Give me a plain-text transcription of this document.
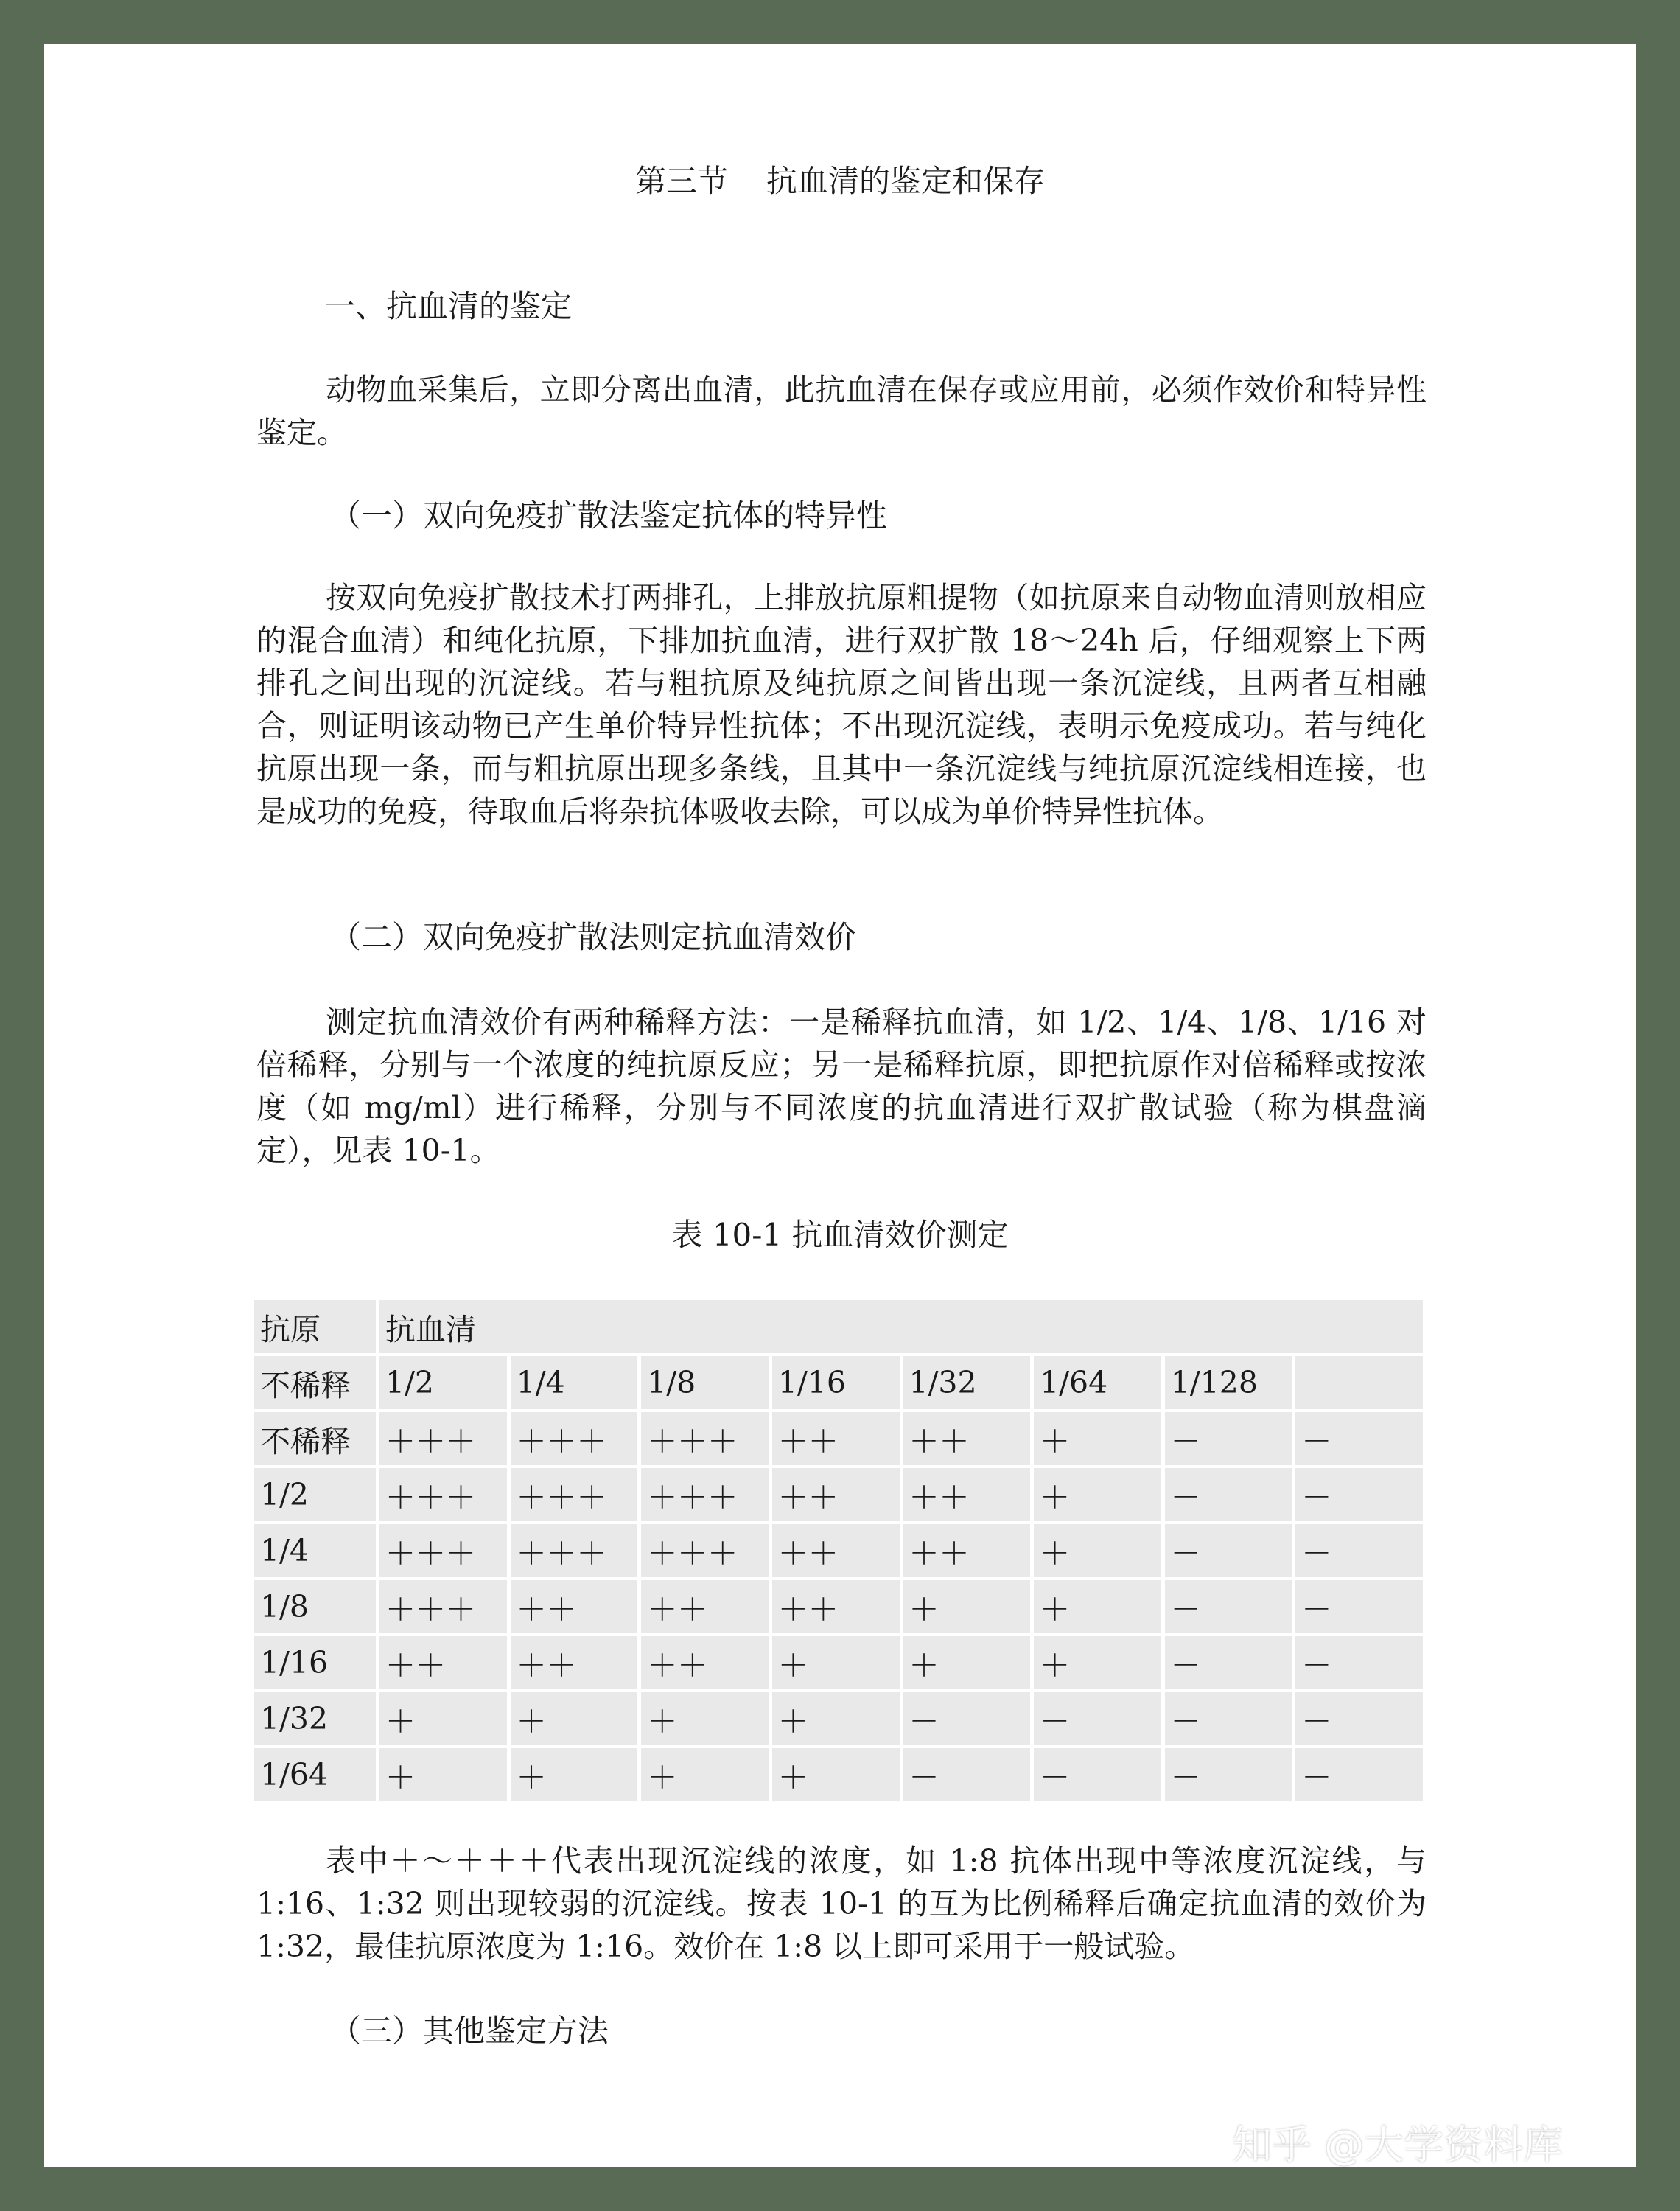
第三节 抗血清的鉴定和保存
一、抗血清的鉴定
动物血采集后，立即分离出血清，此抗血清在保存或应用前，必须作效价和特异性鉴定。
（一）双向免疫扩散法鉴定抗体的特异性
按双向免疫扩散技术打两排孔，上排放抗原粗提物（如抗原来自动物血清则放相应的混合血清）和纯化抗原，下排加抗血清，进行双扩散 18～24h 后，仔细观察上下两排孔之间出现的沉淀线。若与粗抗原及纯抗原之间皆出现一条沉淀线，且两者互相融合，则证明该动物已产生单价特异性抗体；不出现沉淀线，表明示免疫成功。若与纯化抗原出现一条，而与粗抗原出现多条线，且其中一条沉淀线与纯抗原沉淀线相连接，也是成功的免疫，待取血后将杂抗体吸收去除，可以成为单价特异性抗体。
（二）双向免疫扩散法则定抗血清效价
测定抗血清效价有两种稀释方法：一是稀释抗血清，如 1/2、1/4、1/8、1/16 对倍稀释，分别与一个浓度的纯抗原反应；另一是稀释抗原，即把抗原作对倍稀释或按浓度（如 mg/ml）进行稀释，分别与不同浓度的抗血清进行双扩散试验（称为棋盘滴定），见表 10-1。
表 10-1 抗血清效价测定
抗原	抗血清							
不稀释	1/2	1/4	1/8	1/16	1/32	1/64	1/128	
不稀释	＋＋＋	＋＋＋	＋＋＋	＋＋	＋＋	＋	－	－
1/2	＋＋＋	＋＋＋	＋＋＋	＋＋	＋＋	＋	－	－
1/4	＋＋＋	＋＋＋	＋＋＋	＋＋	＋＋	＋	－	－
1/8	＋＋＋	＋＋	＋＋	＋＋	＋	＋	－	－
1/16	＋＋	＋＋	＋＋	＋	＋	＋	－	－
1/32	＋	＋	＋	＋	－	－	－	－
1/64	＋	＋	＋	＋	－	－	－	－
表中＋～＋＋＋代表出现沉淀线的浓度，如 1:8 抗体出现中等浓度沉淀线，与 1:16、1:32 则出现较弱的沉淀线。按表 10-1 的互为比例稀释后确定抗血清的效价为 1:32，最佳抗原浓度为 1:16。效价在 1:8 以上即可采用于一般试验。
（三）其他鉴定方法
知乎 @大学资料库
